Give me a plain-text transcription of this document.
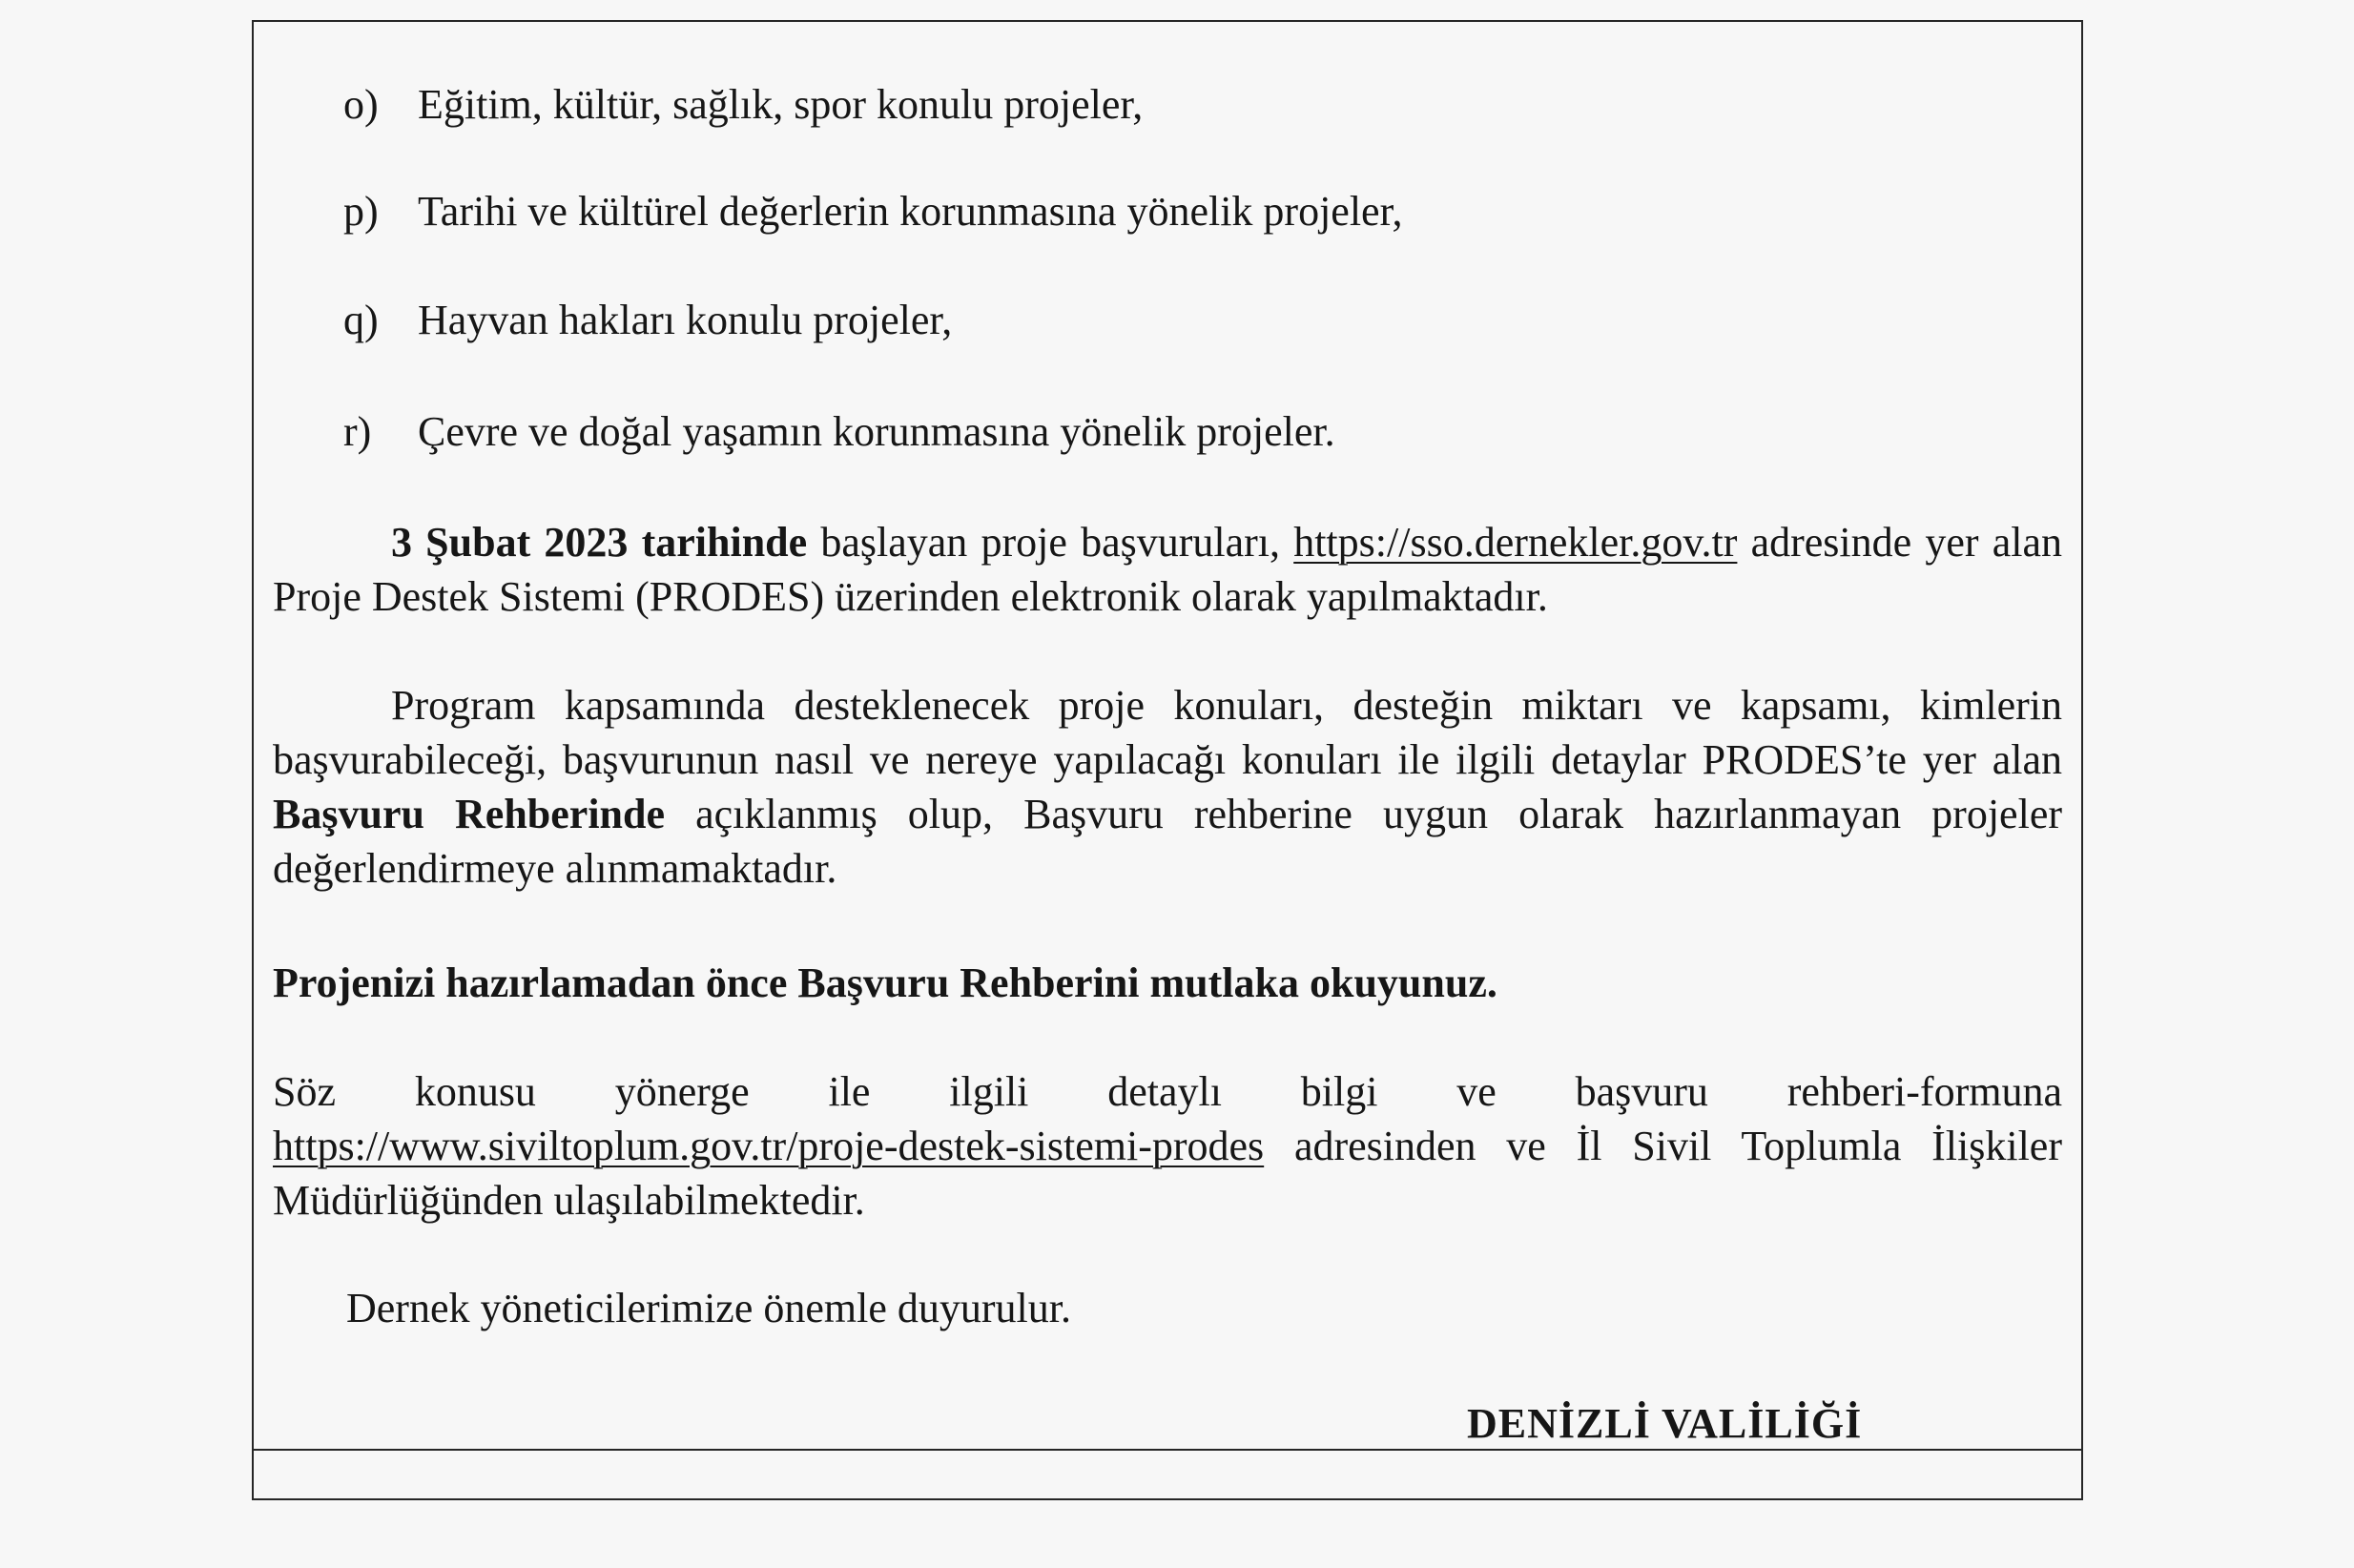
o) Eğitim, kültür, sağlık, spor konulu projeler,
p) Tarihi ve kültürel değerlerin korunmasına yönelik projeler,
q) Hayvan hakları konulu projeler,
r) Çevre ve doğal yaşamın korunmasına yönelik projeler.
3 Şubat 2023 tarihinde başlayan proje başvuruları, https://sso.dernekler.gov.tr adresinde yer alan Proje Destek Sistemi (PRODES) üzerinden elektronik olarak yapılmaktadır.
Program kapsamında desteklenecek proje konuları, desteğin miktarı ve kapsamı, kimlerin başvurabileceği, başvurunun nasıl ve nereye yapılacağı konuları ile ilgili detaylar PRODES’te yer alan Başvuru Rehberinde açıklanmış olup, Başvuru rehberine uygun olarak hazırlanmayan projeler değerlendirmeye alınmamaktadır.
Projenizi hazırlamadan önce Başvuru Rehberini mutlaka okuyunuz.
Söz konusu yönerge ile ilgili detaylı bilgi ve başvuru rehberi-formuna https://www.siviltoplum.gov.tr/proje-destek-sistemi-prodes adresinden ve İl Sivil Toplumla İlişkiler Müdürlüğünden ulaşılabilmektedir.
Dernek yöneticilerimize önemle duyurulur.
DENİZLİ VALİLİĞİ
